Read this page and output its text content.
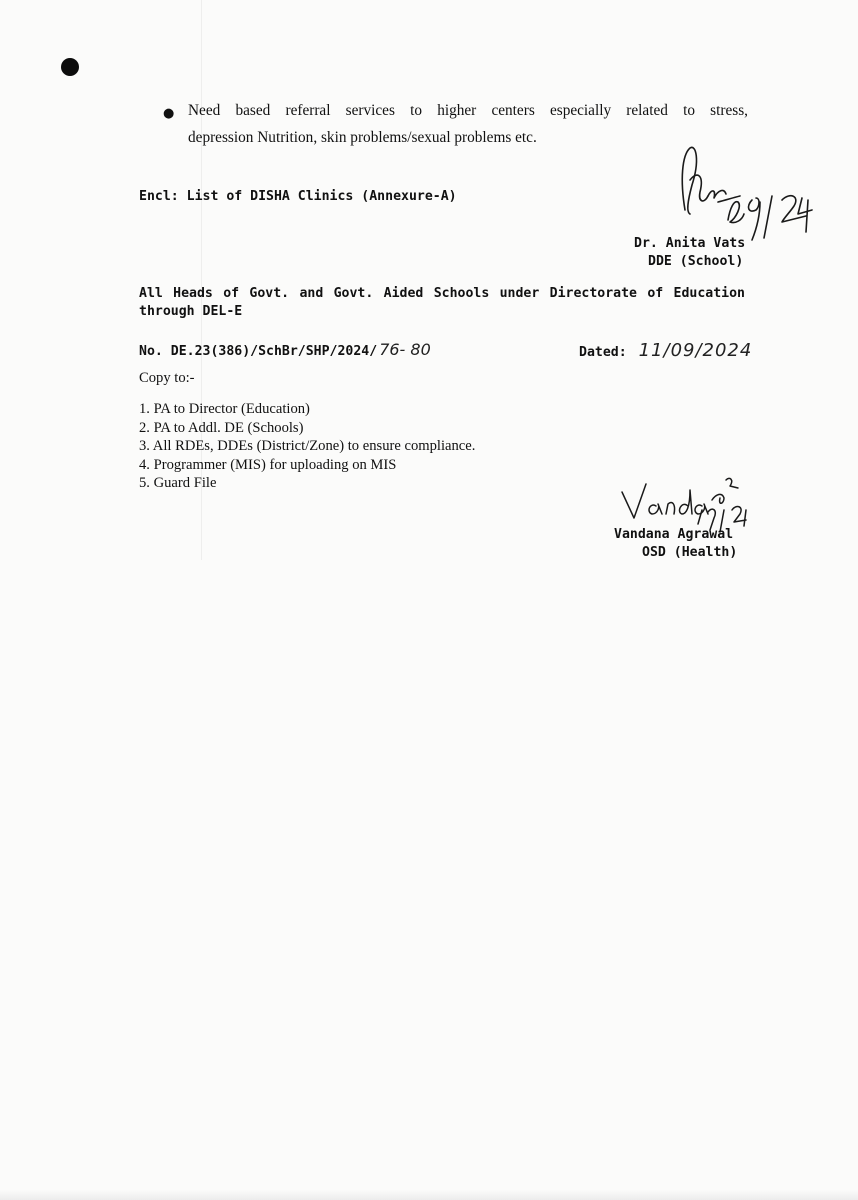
● Need based referral services to higher centers especially related to stress,
depression Nutrition, skin problems/sexual problems etc.
Encl: List of DISHA Clinics (Annexure-A)
Dr. Anita Vats
DDE (School)
All Heads of Govt. and Govt. Aided Schools under Directorate of Education
through DEL-E
No. DE.23(386)/SchBr/SHP/2024/ 76- 80	Dated: 11/09/2024
Copy to:-
1. PA to Director (Education)
2. PA to Addl. DE (Schools)
3. All RDEs, DDEs (District/Zone) to ensure compliance.
4. Programmer (MIS) for uploading on MIS
5. Guard File
Vandana Agrawal
OSD (Health)
